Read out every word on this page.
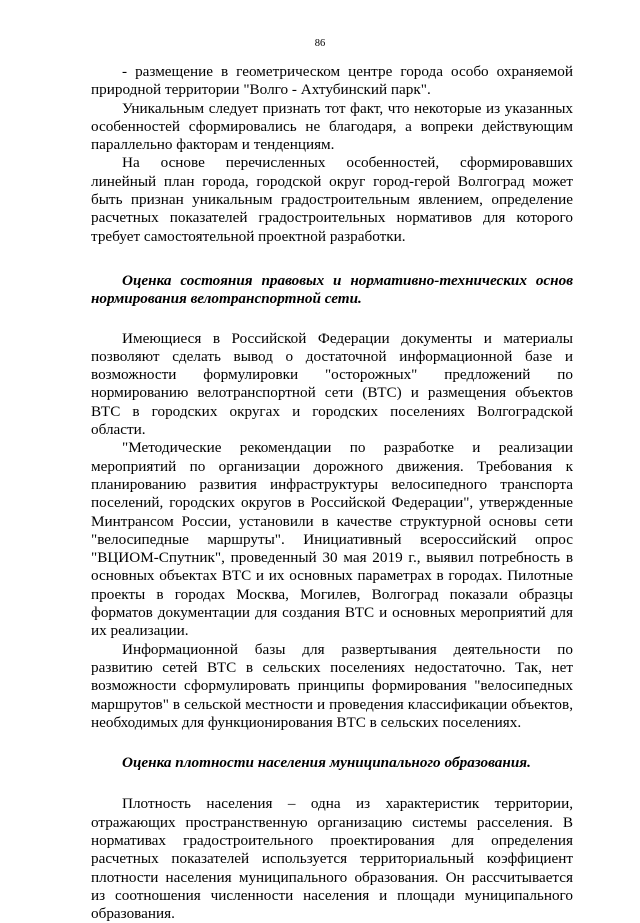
86

- размещение в геометрическом центре города особо охраняемой природной территории "Волго - Ахтубинский парк".

Уникальным следует признать тот факт, что некоторые из указанных особенностей сформировались не благодаря, а вопреки действующим параллельно факторам и тенденциям.

На основе перечисленных особенностей, сформировавших линейный план города, городской округ город-герой Волгоград может быть признан уникальным градостроительным явлением, определение расчетных показателей градостроительных нормативов для которого требует самостоятельной проектной разработки.

Оценка состояния правовых и нормативно-технических основ нормирования велотранспортной сети.

Имеющиеся в Российской Федерации документы и материалы позволяют сделать вывод о достаточной информационной базе и возможности формулировки "осторожных" предложений по нормированию велотранспортной сети (ВТС) и размещения объектов ВТС в городских округах и городских поселениях Волгоградской области.

"Методические рекомендации по разработке и реализации мероприятий по организации дорожного движения. Требования к планированию развития инфраструктуры велосипедного транспорта поселений, городских округов в Российской Федерации", утвержденные Минтрансом России, установили в качестве структурной основы сети "велосипедные маршруты". Инициативный всероссийский опрос "ВЦИОМ-Спутник", проведенный 30 мая 2019 г., выявил потребность в основных объектах ВТС и их основных параметрах в городах. Пилотные проекты в городах Москва, Могилев, Волгоград показали образцы форматов документации для создания ВТС и основных мероприятий для их реализации.

Информационной базы для развертывания деятельности по развитию сетей ВТС в сельских поселениях недостаточно. Так, нет возможности сформулировать принципы формирования "велосипедных маршрутов" в сельской местности и проведения классификации объектов, необходимых для функционирования ВТС в сельских поселениях.

Оценка плотности населения муниципального образования.

Плотность населения – одна из характеристик территории, отражающих пространственную организацию системы расселения. В нормативах градостроительного проектирования для определения расчетных показателей используется территориальный коэффициент плотности населения муниципального образования. Он рассчитывается из соотношения численности населения и площади муниципального образования.
